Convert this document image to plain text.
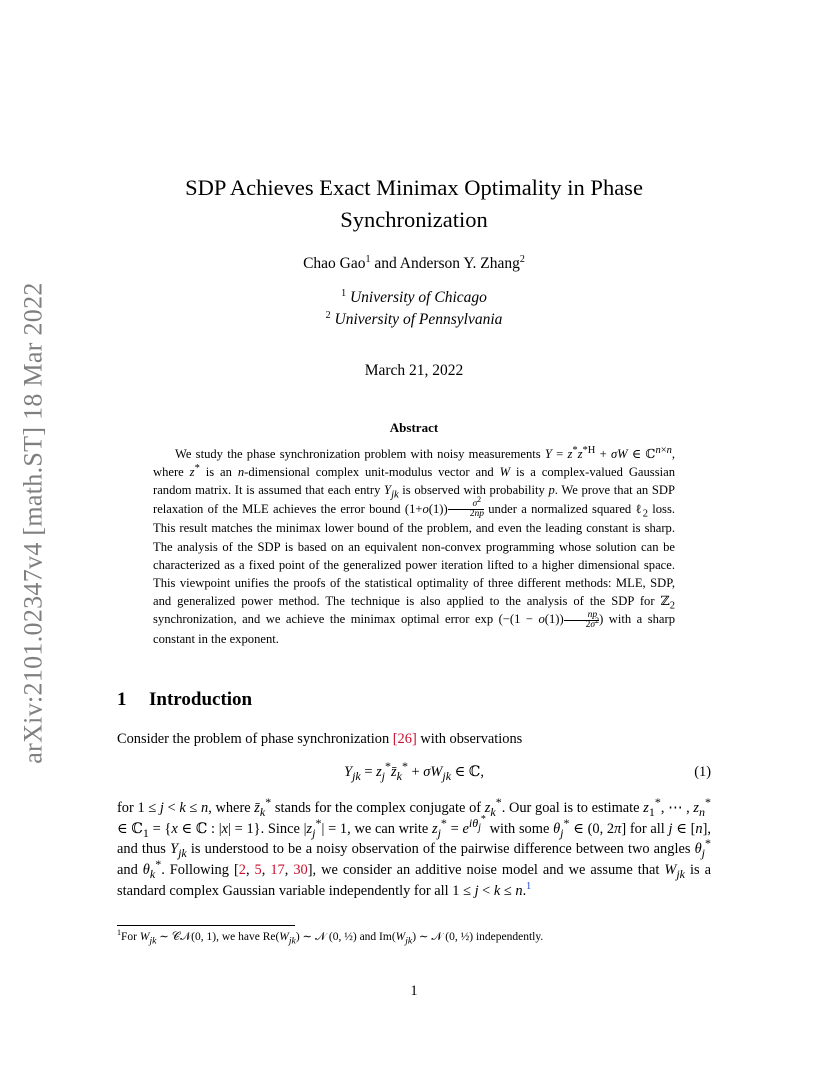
arXiv:2101.02347v4 [math.ST] 18 Mar 2022
SDP Achieves Exact Minimax Optimality in Phase
Synchronization
Chao Gao$^1$ and Anderson Y. Zhang$^2$
$^1$ University of Chicago
$^2$ University of Pennsylvania
March 21, 2022
Abstract

We study the phase synchronization problem with noisy measurements $Y = z^*z^{*H} + \sigma W$ ∈ ℂ$^{n\times n}$, where z* is an n-dimensional complex unit-modulus vector and W is a complex-valued Gaussian random matrix. It is assumed that each entry $Y_{jk}$ is observed with probability p. We prove that an SDP relaxation of the MLE achieves the error bound $(1+o(1)) \frac{\sigma^2}{2np}$ under a normalized squared ℓ$_2$ loss. This result matches the minimax lower bound of the problem, and even the leading constant is sharp. The analysis of the SDP is based on an equivalent non-convex programming whose solution can be characterized as a fixed point of the generalized power iteration lifted to a higher dimensional space. This viewpoint unifies the proofs of the statistical optimality of three different methods: MLE, SDP, and generalized power method. The technique is also applied to the analysis of the SDP for ℤ$_2$ synchronization, and we achieve the minimax optimal error $\exp (-(1 - o(1)) \frac{np}{2\sigma^2}$ ) with a sharp constant in the exponent.

1 Introduction

Consider the problem of phase synchronization [26] with observations

$Y_{jk}$ = $z_j^*z̄_k^* + \sigma W_{jk}$ ∈ ℂ,	(1)

for 1 ≤ j < k ≤ n, where $z̄_k^*$ stands for the complex conjugate of $z_k^*$. Our goal is to estimate $z_1^*$, ⋯ , $z_n^*$ ∈ ℂ$_1$ = {x ∈ ℂ : |x| = 1}. Since $|z_j^*| = 1$, we can write $z_j^* = e^{i\theta_j^*}$ with some $\theta_j^*$ ∈ (0, 2π] for all j ∈ [n], and thus $Y_{jk}$ is understood to be a noisy observation of the pairwise difference between two angles $\theta_j^*$ and $\theta_k^*$. Following [2, 5, 17, 30], we consider an additive noise model and we assume that $W_{jk}$ is a standard complex Gaussian variable independently for all 1 ≤ j < k ≤ n.$^1$

$^1$For $W_{jk}$ ∼ 𝒞𝒩(0, 1), we have $Re(W_{jk})$ ∼ 𝒩 (0, ½) and $Im(W_{jk})$ ∼ 𝒩 (0, ½) independently.
1
